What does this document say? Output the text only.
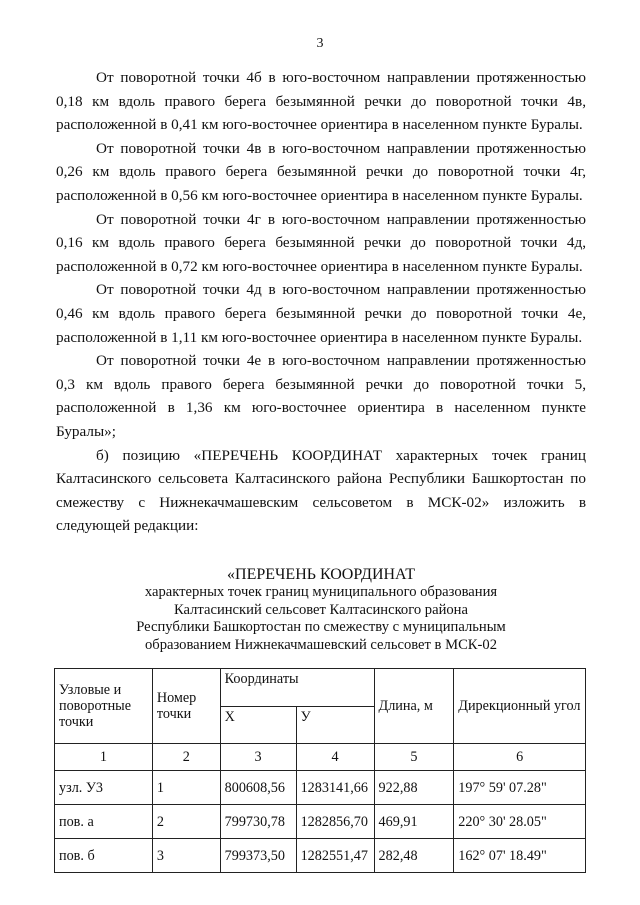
3

От поворотной точки 4б в юго-восточном направлении протяженностью 0,18 км вдоль правого берега безымянной речки до поворотной точки 4в, расположенной в 0,41 км юго-восточнее ориентира в населенном пункте Буралы.

От поворотной точки 4в в юго-восточном направлении протяженностью 0,26 км вдоль правого берега безымянной речки до поворотной точки 4г, расположенной в 0,56 км юго-восточнее ориентира в населенном пункте Буралы.

От поворотной точки 4г в юго-восточном направлении протяженностью 0,16 км вдоль правого берега безымянной речки до поворотной точки 4д, расположенной в 0,72 км юго-восточнее ориентира в населенном пункте Буралы.

От поворотной точки 4д в юго-восточном направлении протяженностью 0,46 км вдоль правого берега безымянной речки до поворотной точки 4е, расположенной в 1,11 км юго-восточнее ориентира в населенном пункте Буралы.

От поворотной точки 4е в юго-восточном направлении протяженностью 0,3 км вдоль правого берега безымянной речки до поворотной точки 5, расположенной в 1,36 км юго-восточнее ориентира в населенном пункте Буралы»;

б) позицию «ПЕРЕЧЕНЬ КООРДИНАТ характерных точек границ Калтасинского сельсовета Калтасинского района Республики Башкортостан по смежеству с Нижнекачмашевским сельсоветом в МСК-02» изложить в следующей редакции:

«ПЕРЕЧЕНЬ КООРДИНАТ
характерных точек границ муниципального образования
Калтасинский сельсовет Калтасинского района
Республики Башкортостан по смежеству с муниципальным
образованием Нижнекачмашевский сельсовет в МСК-02
Узловые и поворотные точки	Номер точки	Координаты		Длина, м	Дирекционный угол
		X	У		
1	2	3	4	5	6
узл. У3	1	800608,56	1283141,66	922,88	197° 59' 07.28"
пов. а	2	799730,78	1282856,70	469,91	220° 30' 28.05"
пов. б	3	799373,50	1282551,47	282,48	162° 07' 18.49"
